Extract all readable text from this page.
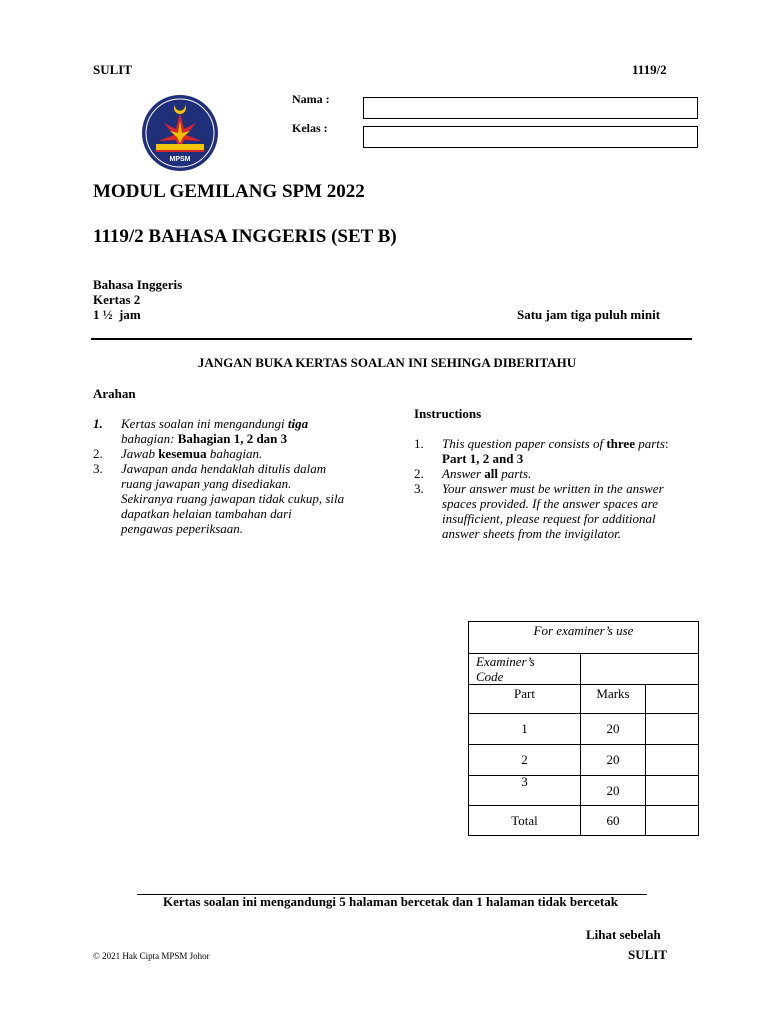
SULIT	1119/2
MPSM
Nama :
Kelas :
MODUL GEMILANG SPM 2022
1119/2 BAHASA INGGERIS (SET B)
Bahasa Inggeris
Kertas 2
1 ½  jam	Satu jam tiga puluh minit
JANGAN BUKA KERTAS SOALAN INI SEHINGA DIBERITAHU
Arahan
1.	Kertas soalan ini mengandungi tiga
bahagian: Bahagian 1, 2 dan 3
2.	Jawab kesemua bahagian.
3.	Jawapan anda hendaklah ditulis dalam
ruang jawapan yang disediakan.
Sekiranya ruang jawapan tidak cukup, sila
dapatkan helaian tambahan dari
pengawas peperiksaan.
Instructions
1.	This question paper consists of three parts:
Part 1, 2 and 3
2.	Answer all parts.
3.	Your answer must be written in the answer
spaces provided. If the answer spaces are
insufficient, please request for additional
answer sheets from the invigilator.
For examiner’s use		
Examiner’s
Code		
Part	Marks	
1	20	
2	20	
3	20	
Total	60	
Kertas soalan ini mengandungi 5 halaman bercetak dan 1 halaman tidak bercetak
Lihat sebelah
© 2021 Hak Cipta MPSM Johor	SULIT
